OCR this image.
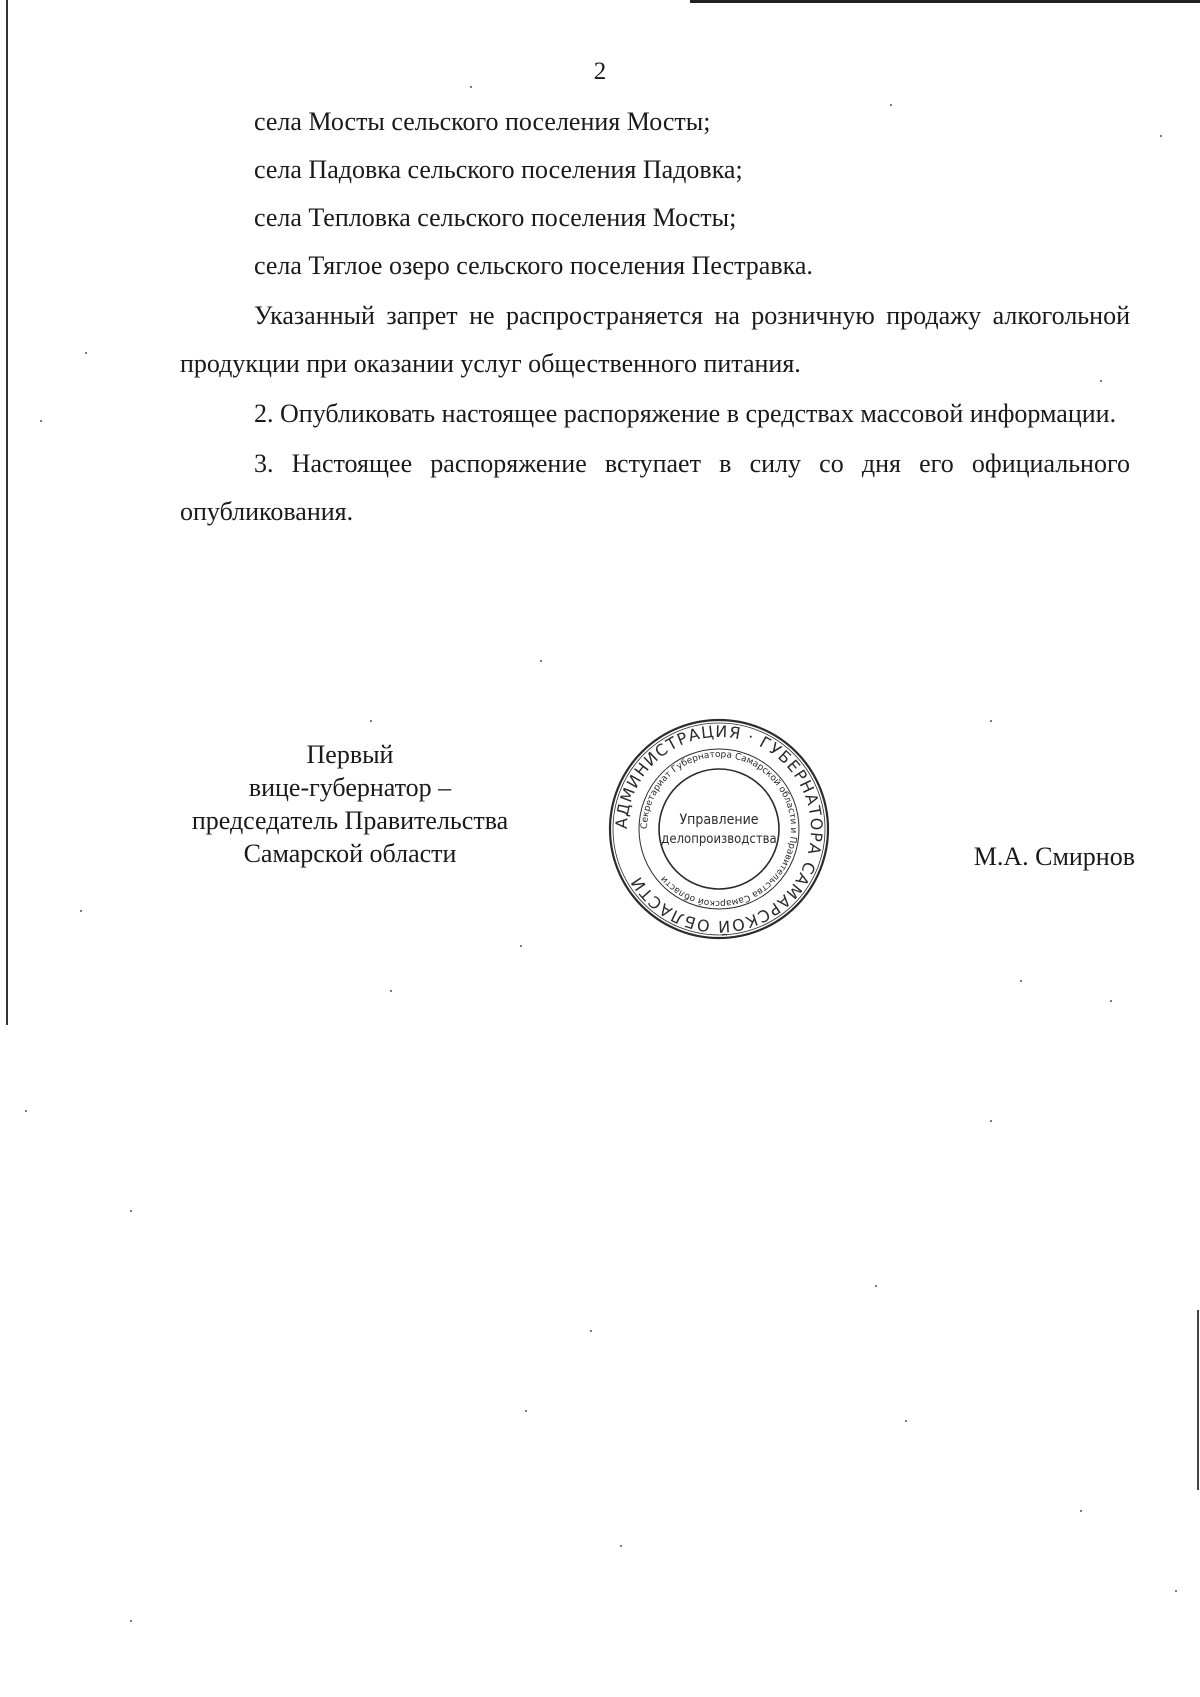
2

села Мосты сельского поселения Мосты;

села Падовка сельского поселения Падовка;

села Тепловка сельского поселения Мосты;

села Тяглое озеро сельского поселения Пестравка.

Указанный запрет не распространяется на розничную продажу алкогольной продукции при оказании услуг общественного питания.

2. Опубликовать настоящее распоряжение в средствах массовой информации.

3. Настоящее распоряжение вступает в силу со дня его официального опубликования.

Первый
вице-губернатор –
председатель Правительства
Самарской области
АДМИНИСТРАЦИЯ · ГУБЕРНАТОРА САМАРСКОЙ ОБЛАСТИ
Секретариат Губернатора Самарской области и Правительства Самарской области
Управление
делопроизводства
М.А. Смирнов
